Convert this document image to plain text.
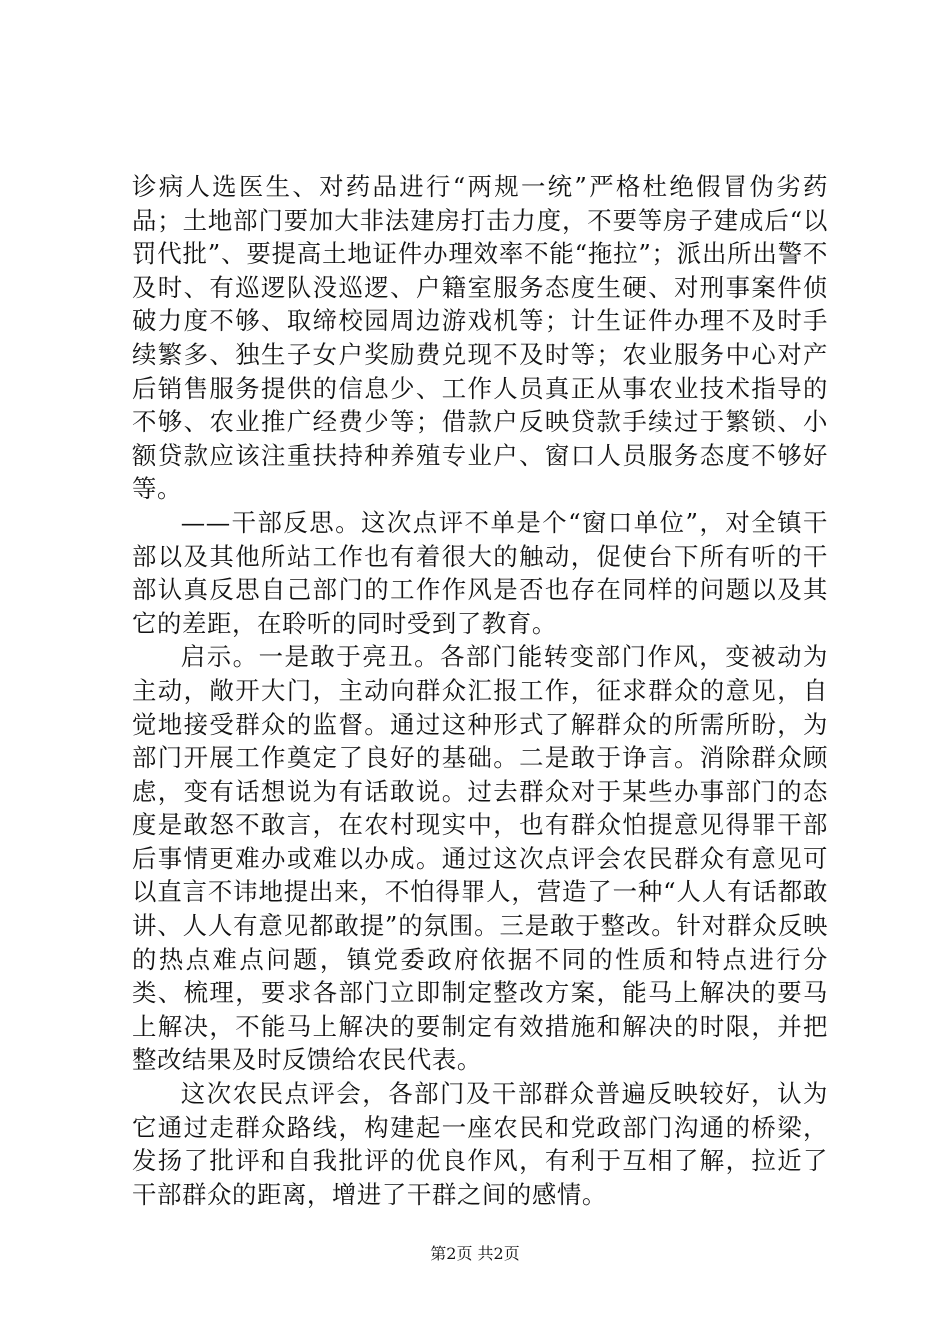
诊病人选医生、对药品进行“两规一统”严格杜绝假冒伪劣药品；土地部门要加大非法建房打击力度，不要等房子建成后“以罚代批”、要提高土地证件办理效率不能“拖拉”；派出所出警不及时、有巡逻队没巡逻、户籍室服务态度生硬、对刑事案件侦破力度不够、取缔校园周边游戏机等；计生证件办理不及时手续繁多、独生子女户奖励费兑现不及时等；农业服务中心对产后销售服务提供的信息少、工作人员真正从事农业技术指导的不够、农业推广经费少等；借款户反映贷款手续过于繁锁、小额贷款应该注重扶持种养殖专业户、窗口人员服务态度不够好等。

——干部反思。这次点评不单是个“窗口单位”，对全镇干部以及其他所站工作也有着很大的触动，促使台下所有听的干部认真反思自己部门的工作作风是否也存在同样的问题以及其它的差距，在聆听的同时受到了教育。

启示。一是敢于亮丑。各部门能转变部门作风，变被动为主动，敞开大门，主动向群众汇报工作，征求群众的意见，自觉地接受群众的监督。通过这种形式了解群众的所需所盼，为部门开展工作奠定了良好的基础。二是敢于诤言。消除群众顾虑，变有话想说为有话敢说。过去群众对于某些办事部门的态度是敢怒不敢言，在农村现实中，也有群众怕提意见得罪干部后事情更难办或难以办成。通过这次点评会农民群众有意见可以直言不讳地提出来，不怕得罪人，营造了一种“人人有话都敢讲、人人有意见都敢提”的氛围。三是敢于整改。针对群众反映的热点难点问题，镇党委政府依据不同的性质和特点进行分类、梳理，要求各部门立即制定整改方案，能马上解决的要马上解决，不能马上解决的要制定有效措施和解决的时限，并把整改结果及时反馈给农民代表。

这次农民点评会，各部门及干部群众普遍反映较好，认为它通过走群众路线，构建起一座农民和党政部门沟通的桥梁，发扬了批评和自我批评的优良作风，有利于互相了解，拉近了干部群众的距离，增进了干群之间的感情。

第2页 共2页
